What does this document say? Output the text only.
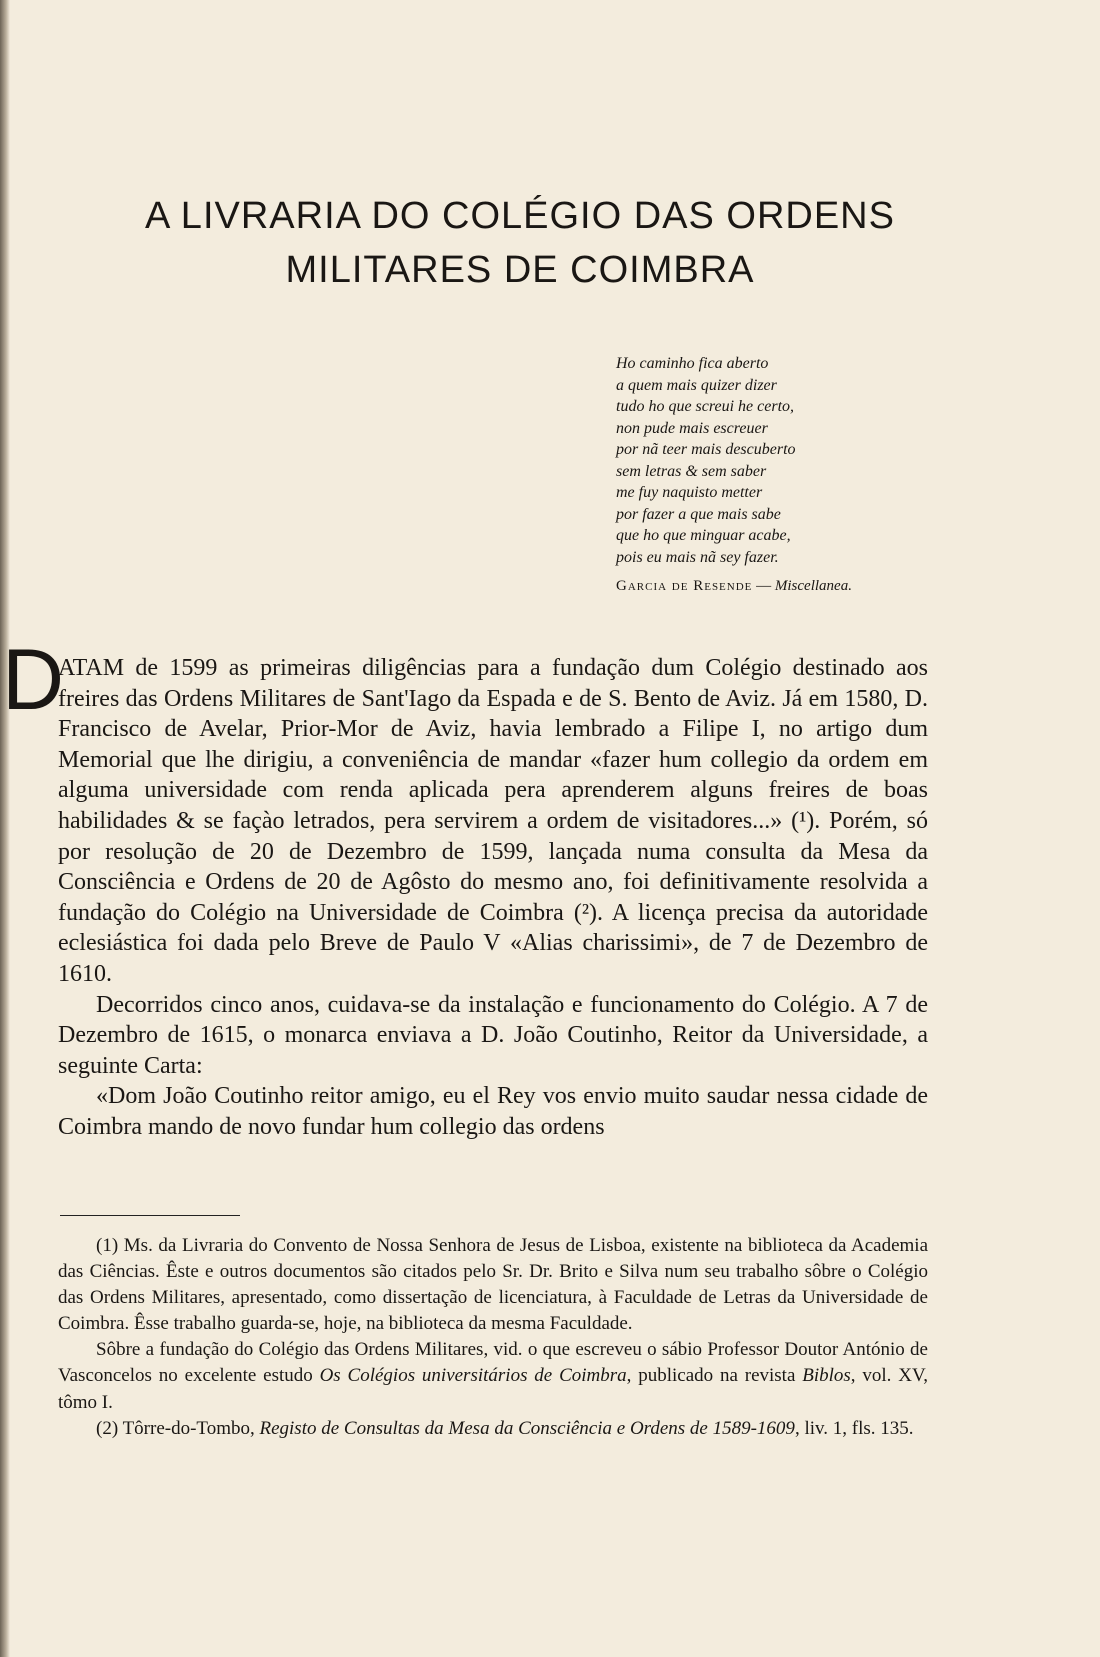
A LIVRARIA DO COLÉGIO DAS ORDENS
MILITARES DE COIMBRA
Ho caminho fica aberto
a quem mais quizer dizer
tudo ho que screui he certo,
non pude mais escreuer
por nã teer mais descuberto
sem letras & sem saber
me fuy naquisto metter
por fazer a que mais sabe
que ho que minguar acabe,
pois eu mais nã sey fazer.
Garcia de Resende — Miscellanea.
D

ATAM de 1599 as primeiras diligências para a fundação dum Colégio destinado aos freires das Ordens Militares de Sant'Iago da Espada e de S. Bento de Aviz. Já em 1580, D. Francisco de Avelar, Prior-Mor de Aviz, havia lembrado a Filipe I, no artigo dum Memorial que lhe dirigiu, a conveniência de mandar «fazer hum collegio da ordem em alguma universidade com renda aplicada pera aprenderem alguns freires de boas habilidades & se façào letrados, pera servirem a ordem de visitadores...» (¹). Porém, só por resolução de 20 de Dezembro de 1599, lançada numa consulta da Mesa da Consciência e Ordens de 20 de Agôsto do mesmo ano, foi definitivamente resolvida a fundação do Colégio na Universidade de Coimbra (²). A licença precisa da autoridade eclesiástica foi dada pelo Breve de Paulo V «Alias charissimi», de 7 de Dezembro de 1610.

Decorridos cinco anos, cuidava-se da instalação e funcionamento do Colégio. A 7 de Dezembro de 1615, o monarca enviava a D. João Coutinho, Reitor da Universidade, a seguinte Carta:

«Dom João Coutinho reitor amigo, eu el Rey vos envio muito saudar nessa cidade de Coimbra mando de novo fundar hum collegio das ordens

(1) Ms. da Livraria do Convento de Nossa Senhora de Jesus de Lisboa, existente na biblioteca da Academia das Ciências. Êste e outros documentos são citados pelo Sr. Dr. Brito e Silva num seu trabalho sôbre o Colégio das Ordens Militares, apresentado, como dissertação de licenciatura, à Faculdade de Letras da Universidade de Coimbra. Êsse trabalho guarda-se, hoje, na biblioteca da mesma Faculdade.

Sôbre a fundação do Colégio das Ordens Militares, vid. o que escreveu o sábio Professor Doutor António de Vasconcelos no excelente estudo Os Colégios universitários de Coimbra, publicado na revista Biblos, vol. XV, tômo I.

(2) Tôrre-do-Tombo, Registo de Consultas da Mesa da Consciência e Ordens de 1589-1609, liv. 1, fls. 135.
